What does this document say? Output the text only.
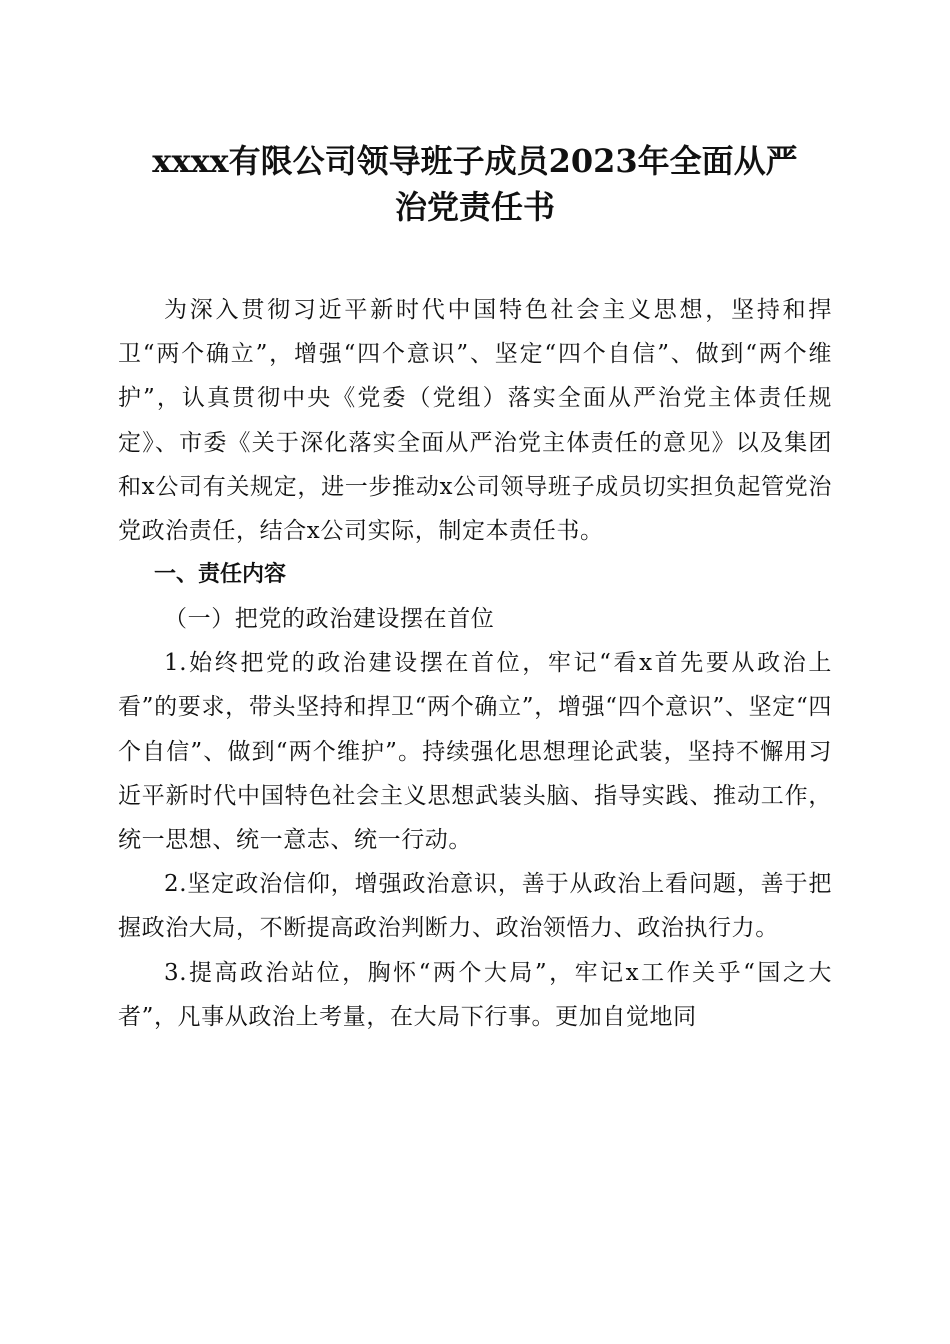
xxxx有限公司领导班子成员2023年全面从严
治党责任书

为深入贯彻习近平新时代中国特色社会主义思想，坚持和捍卫“两个确立”，增强“四个意识”、坚定“四个自信”、做到“两个维护”，认真贯彻中央《党委（党组）落实全面从严治党主体责任规定》、市委《关于深化落实全面从严治党主体责任的意见》以及集团和x公司有关规定，进一步推动x公司领导班子成员切实担负起管党治党政治责任，结合x公司实际，制定本责任书。

一、责任内容

（一）把党的政治建设摆在首位

1.始终把党的政治建设摆在首位，牢记“看x首先要从政治上看”的要求，带头坚持和捍卫“两个确立”，增强“四个意识”、坚定“四个自信”、做到“两个维护”。持续强化思想理论武装，坚持不懈用习近平新时代中国特色社会主义思想武装头脑、指导实践、推动工作，统一思想、统一意志、统一行动。

2.坚定政治信仰，增强政治意识，善于从政治上看问题，善于把握政治大局，不断提高政治判断力、政治领悟力、政治执行力。

3.提高政治站位，胸怀“两个大局”，牢记x工作关乎“国之大者”，凡事从政治上考量，在大局下行事。更加自觉地同
